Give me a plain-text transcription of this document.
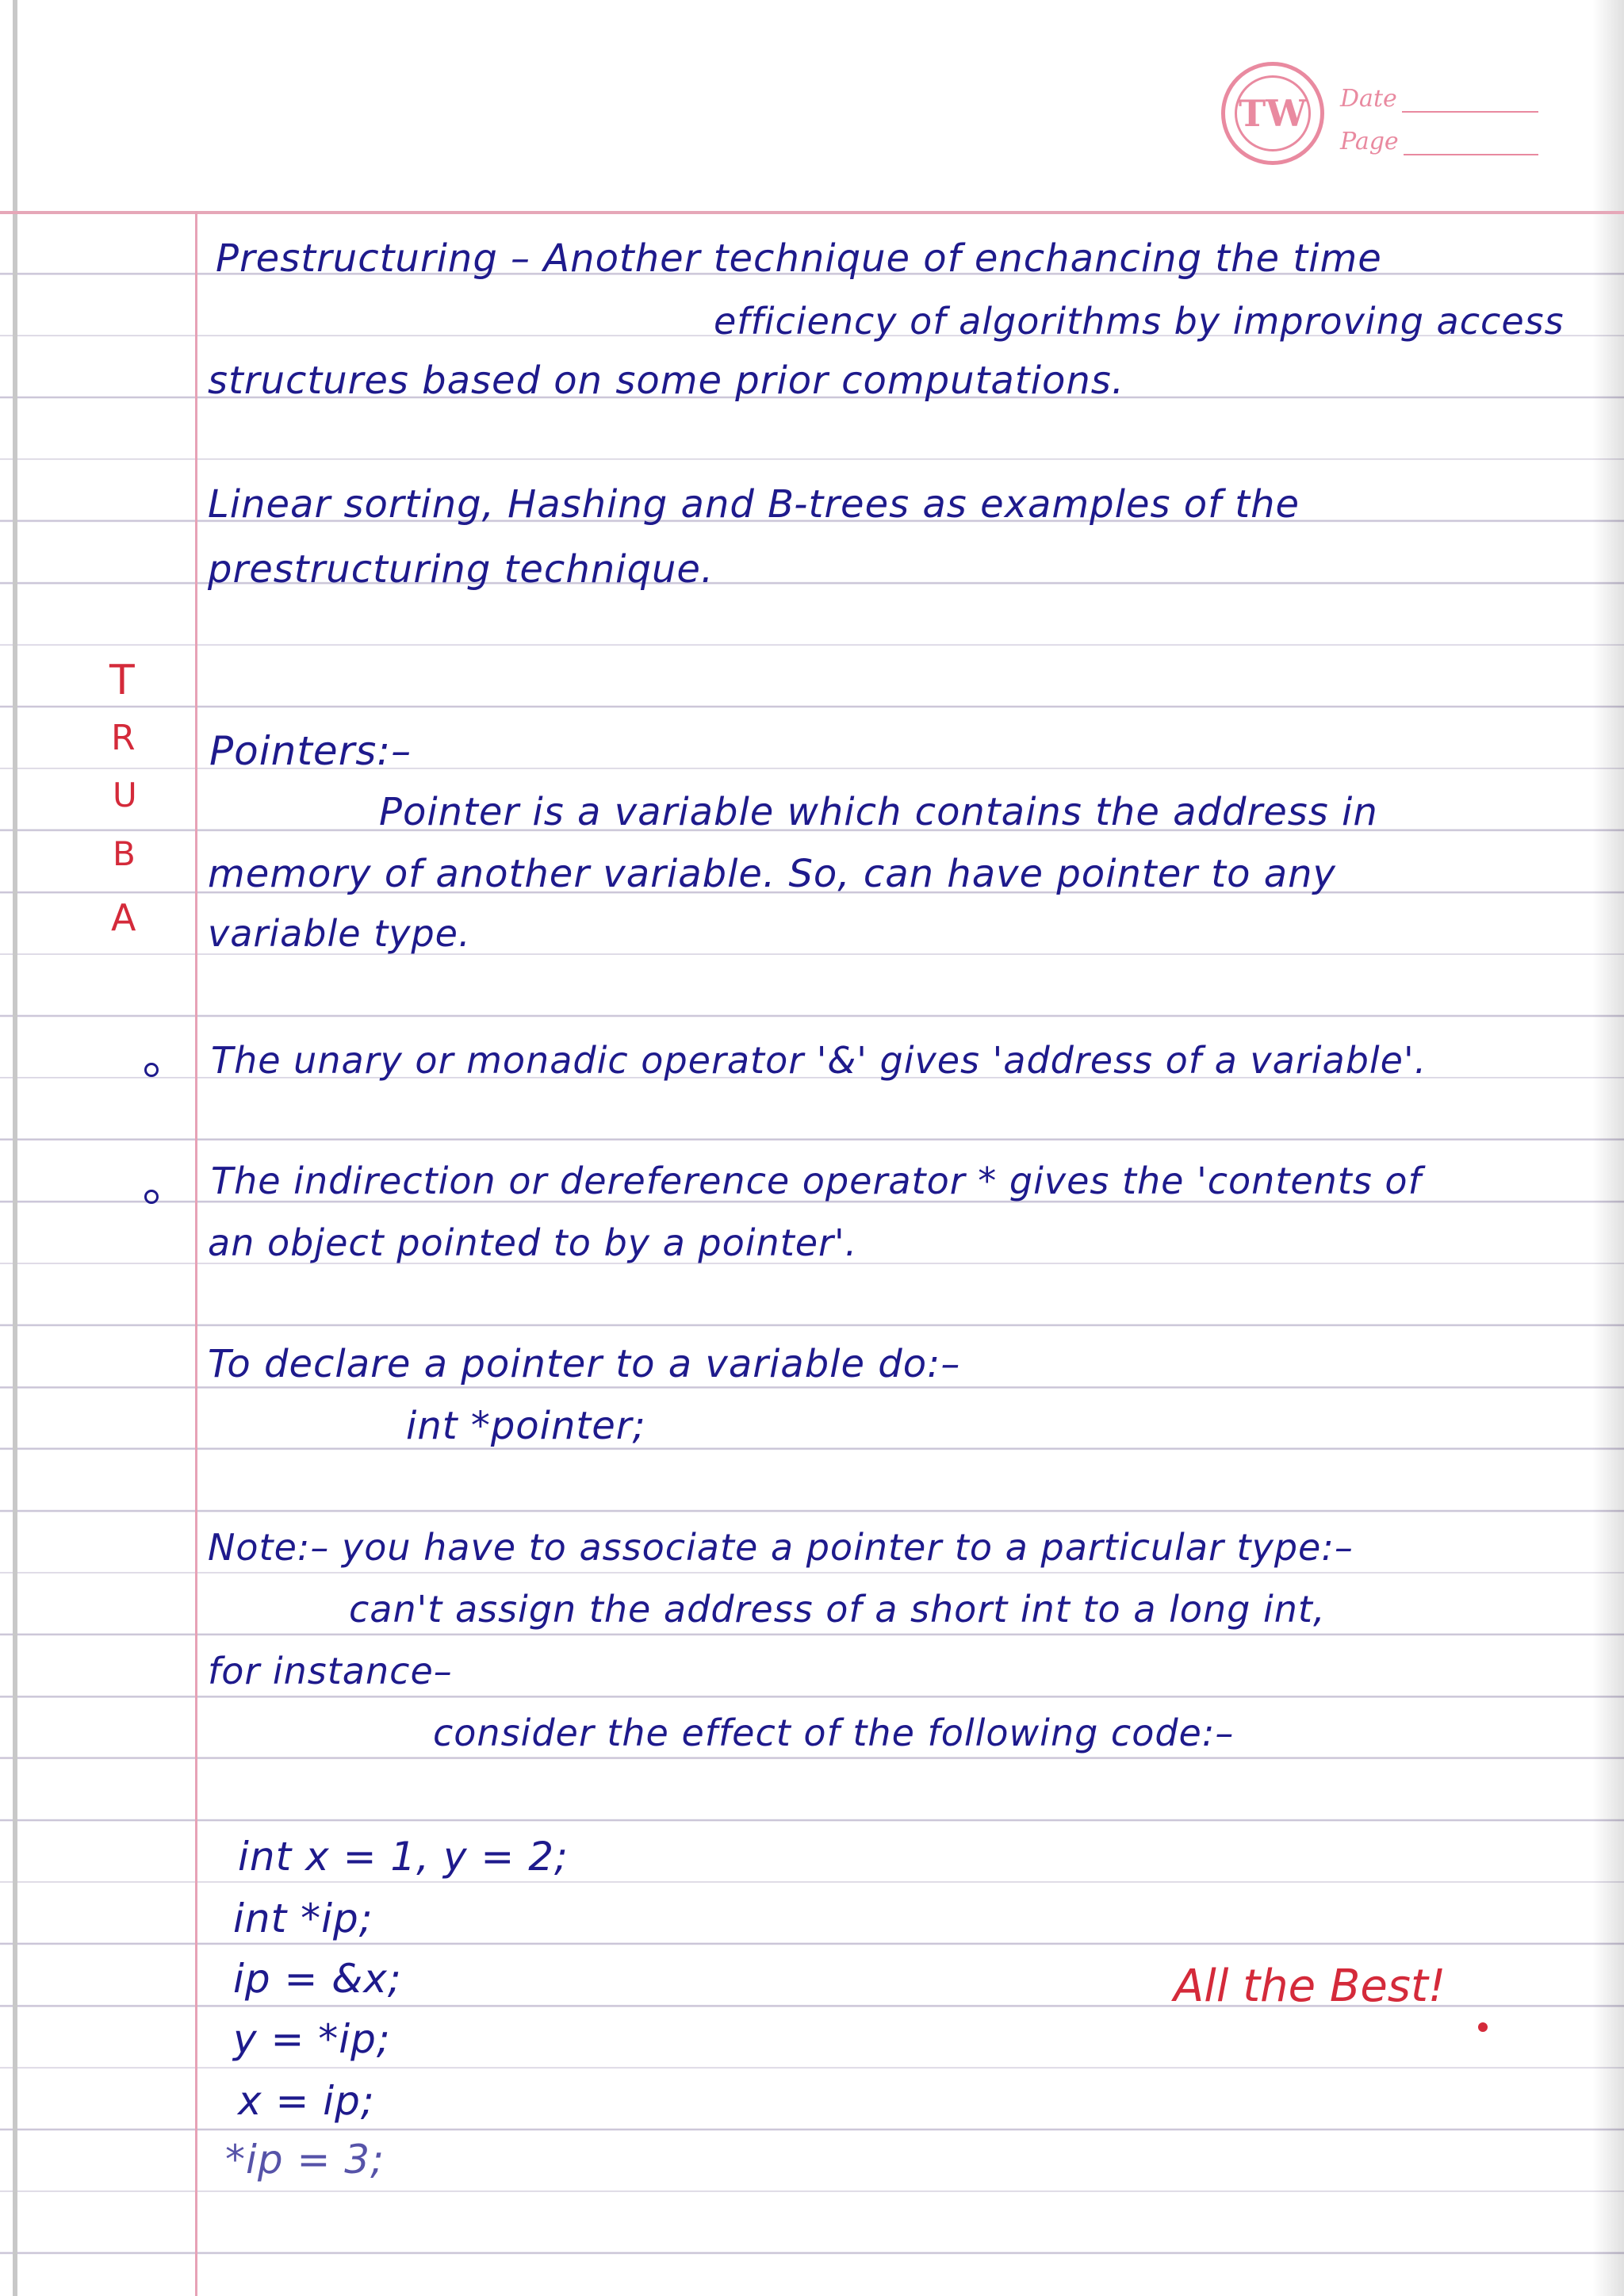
TW Date
Page
T
R
U
B
A
Prestructuring – Another technique of enchancing the time
efficiency of algorithms by improving access
structures based on some prior computations.
Linear sorting, Hashing and B-trees as examples of the
prestructuring technique.
Pointers:–
Pointer is a variable which contains the address in
memory of another variable. So, can have pointer to any
variable type.
The unary or monadic operator '&' gives 'address of a variable'.
The indirection or dereference operator * gives the 'contents of
an object pointed to by a pointer'.
To declare a pointer to a variable do:–
int *pointer;
Note:– you have to associate a pointer to a particular type:–
can't assign the address of a short int to a long int,
for instance–
consider the effect of the following code:–
int x = 1, y = 2;
int *ip;
ip = &x;
y = *ip;
x = ip;
*ip = 3;
All the Best!
